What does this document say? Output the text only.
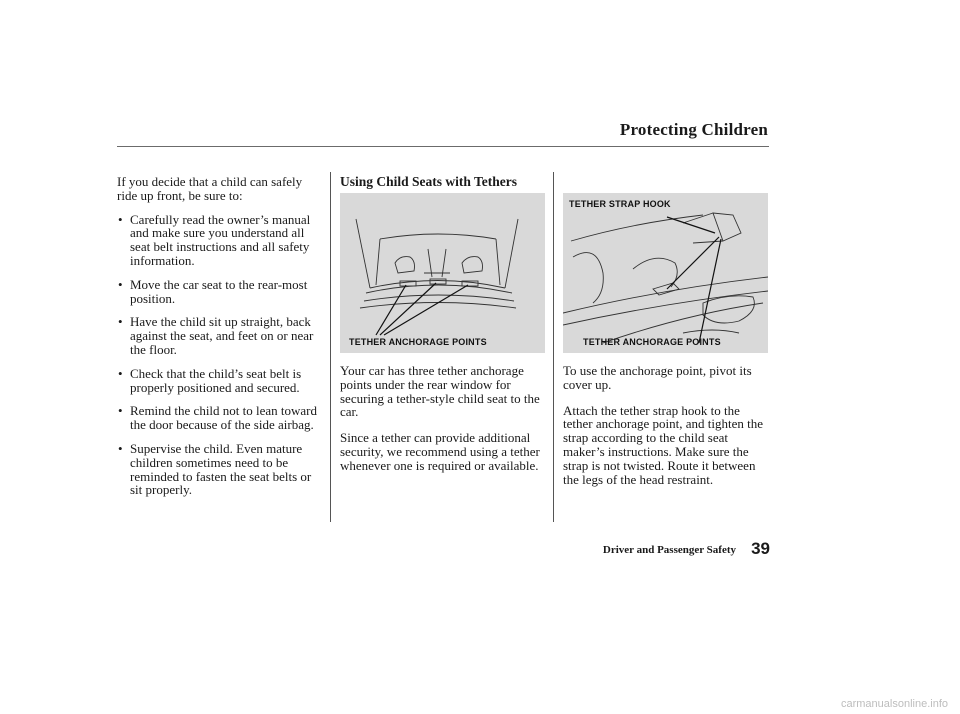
Protecting Children

If you decide that a child can safely ride up front, be sure to:

• Carefully read the owner’s manual and make sure you understand all seat belt instructions and all safety information.
• Move the car seat to the rear-most position.
• Have the child sit up straight, back against the seat, and feet on or near the floor.
• Check that the child’s seat belt is properly positioned and secured.
• Remind the child not to lean toward the door because of the side airbag.
• Supervise the child. Even mature children sometimes need to be reminded to fasten the seat belts or sit properly.
Using Child Seats with Tethers
TETHER ANCHORAGE POINTS

Your car has three tether anchorage points under the rear window for securing a tether-style child seat to the car.

Since a tether can provide additional security, we recommend using a tether whenever one is required or available.

TETHER STRAP HOOK
TETHER ANCHORAGE POINTS

To use the anchorage point, pivot its cover up.

Attach the tether strap hook to the tether anchorage point, and tighten the strap according to the child seat maker’s instructions. Make sure the strap is not twisted. Route it between the legs of the head restraint.

Driver and Passenger Safety 39
carmanualsonline.info
